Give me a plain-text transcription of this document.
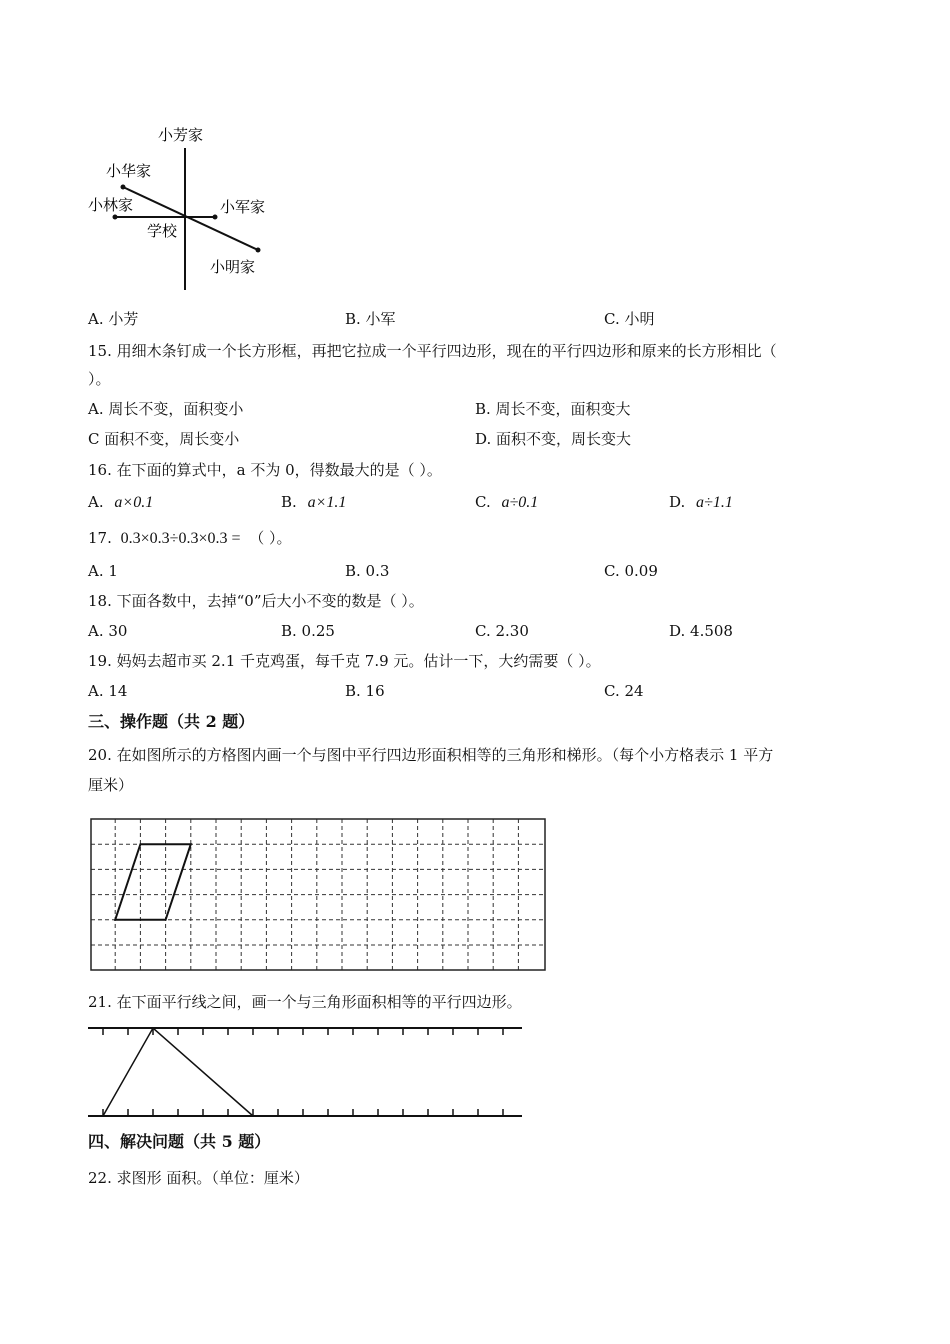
小芳家
小华家
小林家	小军家
学校
小明家
A. 小芳	B. 小军	C. 小明
15. 用细木条钉成一个长方形框，再把它拉成一个平行四边形，现在的平行四边形和原来的长方形相比（
）。
A. 周长不变，面积变小	B. 周长不变，面积变大
C 面积不变，周长变小	D. 面积不变，周长变大
16. 在下面的算式中，a 不为 0，得数最大的是（ ）。
A. a×0.1	B. a×1.1	C. a÷0.1	D. a÷1.1
17. 0.3×0.3÷0.3×0.3 = （ ）。
A. 1	B. 0.3	C. 0.09
18. 下面各数中，去掉“0”后大小不变的数是（ ）。
A. 30	B. 0.25	C. 2.30	D. 4.508
19. 妈妈去超市买 2.1 千克鸡蛋，每千克 7.9 元。估计一下，大约需要（ ）。
A. 14	B. 16	C. 24
三、操作题（共 2 题）
20. 在如图所示的方格图内画一个与图中平行四边形面积相等的三角形和梯形。（每个小方格表示 1 平方
厘米）
21. 在下面平行线之间，画一个与三角形面积相等的平行四边形。
四、解决问题（共 5 题）
22. 求图形 面积。（单位：厘米）
